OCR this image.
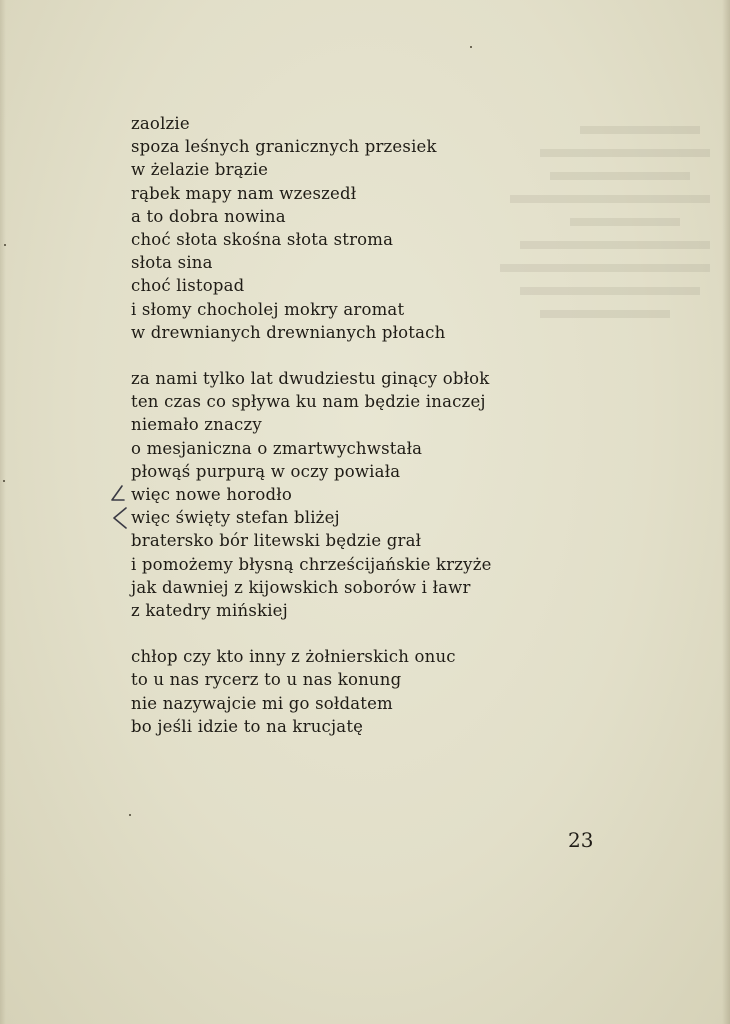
zaolzie
spoza leśnych granicznych przesiek
w żelazie brązie
rąbek mapy nam wzeszedł
a to dobra nowina
choć słota skośna słota stroma
słota sina
choć listopad
i słomy chocholej mokry aromat
w drewnianych drewnianych płotach
za nami tylko lat dwudziestu ginący obłok
ten czas co spływa ku nam będzie inaczej
niemało znaczy
o mesjaniczna o zmartwychwstała
płowąś purpurą w oczy powiała
więc nowe horodło
więc święty stefan bliżej
bratersko bór litewski będzie grał
i pomożemy błysną chrześcijańskie krzyże
jak dawniej z kijowskich soborów i ławr
z katedry mińskiej
chłop czy kto inny z żołnierskich onuc
to u nas rycerz to u nas konung
nie nazywajcie mi go sołdatem
bo jeśli idzie to na krucjatę
23
